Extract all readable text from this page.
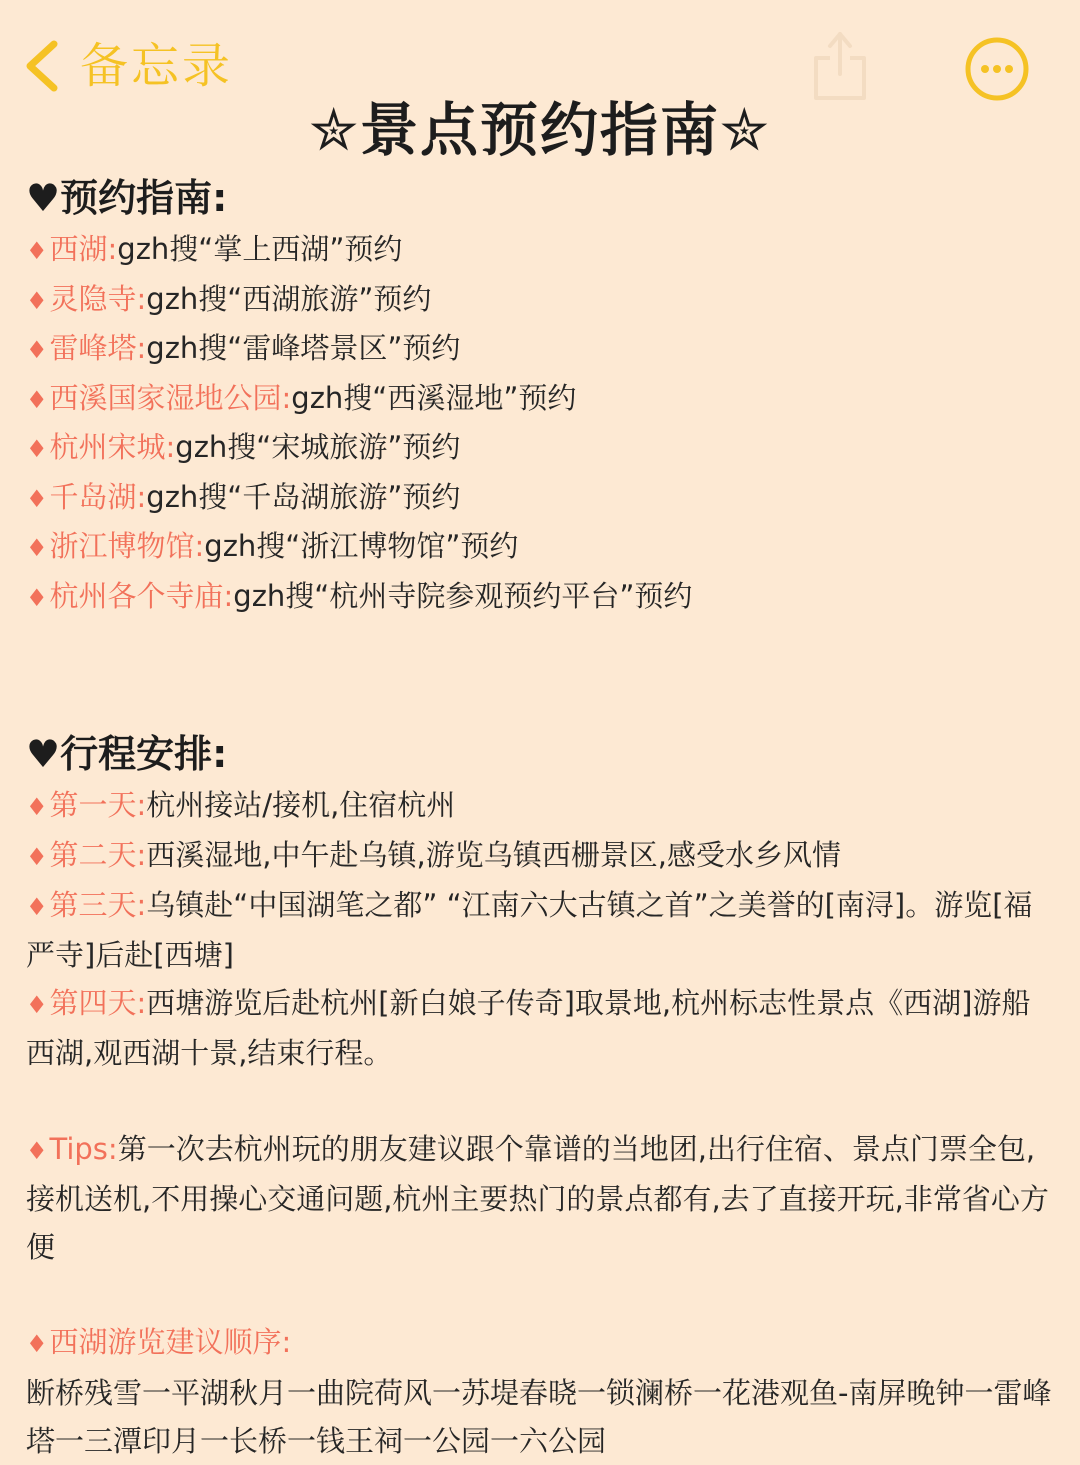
备忘录
✮景点预约指南✮

♥预约指南:

♦西湖:gzh搜“掌上西湖”预约

♦灵隐寺:gzh搜“西湖旅游”预约

♦雷峰塔:gzh搜“雷峰塔景区”预约

♦西溪国家湿地公园:gzh搜“西溪湿地”预约

♦杭州宋城:gzh搜“宋城旅游”预约

♦千岛湖:gzh搜“千岛湖旅游”预约

♦浙江博物馆:gzh搜“浙江博物馆”预约

♦杭州各个寺庙:gzh搜“杭州寺院参观预约平台”预约

♥行程安排:

♦第一天:杭州接站/接机,住宿杭州

♦第二天:西溪湿地,中午赴乌镇,游览乌镇西栅景区,感受水乡风情

♦第三天:乌镇赴“中国湖笔之都” “江南六大古镇之首”之美誉的[南浔]。游览[福严寺]后赴[西塘]

♦第四天:西塘游览后赴杭州[新白娘子传奇]取景地,杭州标志性景点《西湖]游船西湖,观西湖十景,结束行程。

♦Tips:第一次去杭州玩的朋友建议跟个靠谱的当地团,出行住宿、景点门票全包,接机送机,不用操心交通问题,杭州主要热门的景点都有,去了直接开玩,非常省心方便

♦西湖游览建议顺序:

断桥残雪一平湖秋月一曲院荷风一苏堤春晓一锁澜桥一花港观鱼-南屏晚钟一雷峰塔一三潭印月一长桥一钱王祠一公园一六公园
